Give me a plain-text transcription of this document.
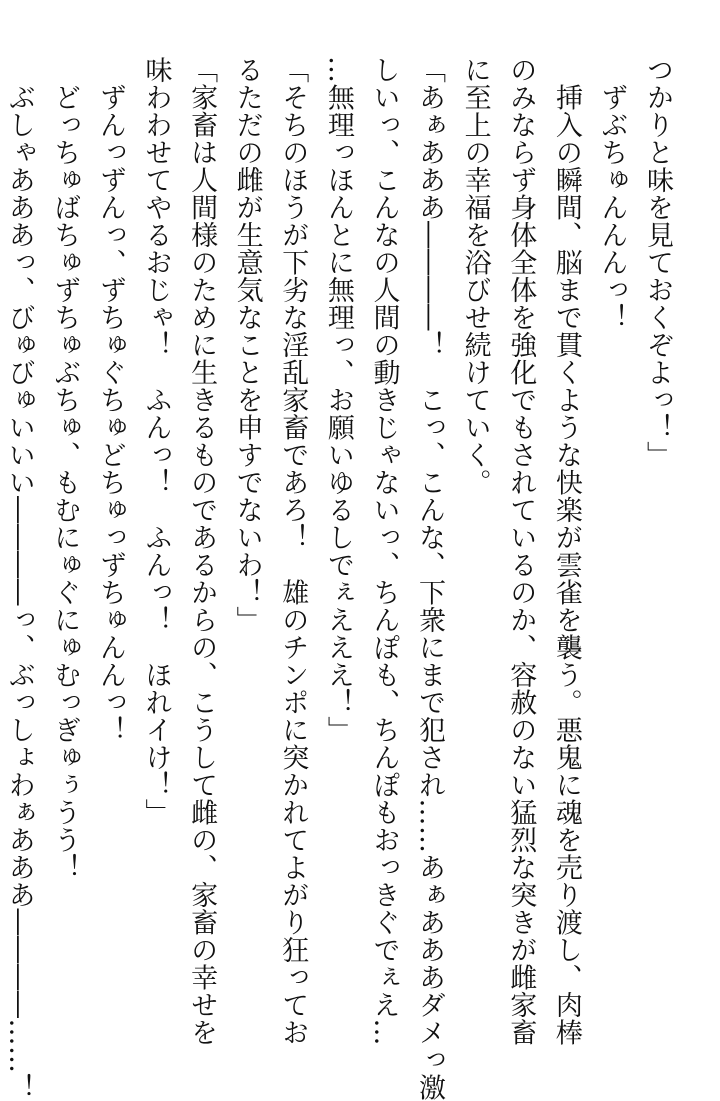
つかりと味を見ておくぞよっ！」
　ずぶちゅんんんっ！
　挿入の瞬間、脳まで貫くような快楽が雲雀を襲う。悪鬼に魂を売り渡し、肉棒
のみならず身体全体を強化でもされているのか、容赦のない猛烈な突きが雌家畜
に至上の幸福を浴びせ続けていく。
「あぁあああ――――！　こっ、こんな、下衆にまで犯され……あぁあああダメっ激
しいっ、こんなの人間の動きじゃないっ、ちんぽも、ちんぽもおっきぐでぇえ…
…無理っほんとに無理っ、お願いゆるしでぇえええ！」
「そちのほうが下劣な淫乱家畜であろ！　雄のチンポに突かれてよがり狂ってお
るただの雌が生意気なことを申すでないわ！」
「家畜は人間様のために生きるものであるからの、こうして雌の、家畜の幸せを
味わわせてやるおじゃ！　ふんっ！　ふんっ！　ほれイけ！」
　ずんっずんっ、ずちゅぐちゅどちゅっずちゅんんっ！
　どっちゅばちゅずちゅぶちゅ、もむにゅぐにゅむっぎゅぅうう！
　ぶしゃあああっ、びゅびゅいいい――――っ、ぶっしょわぁあああ――――……！
